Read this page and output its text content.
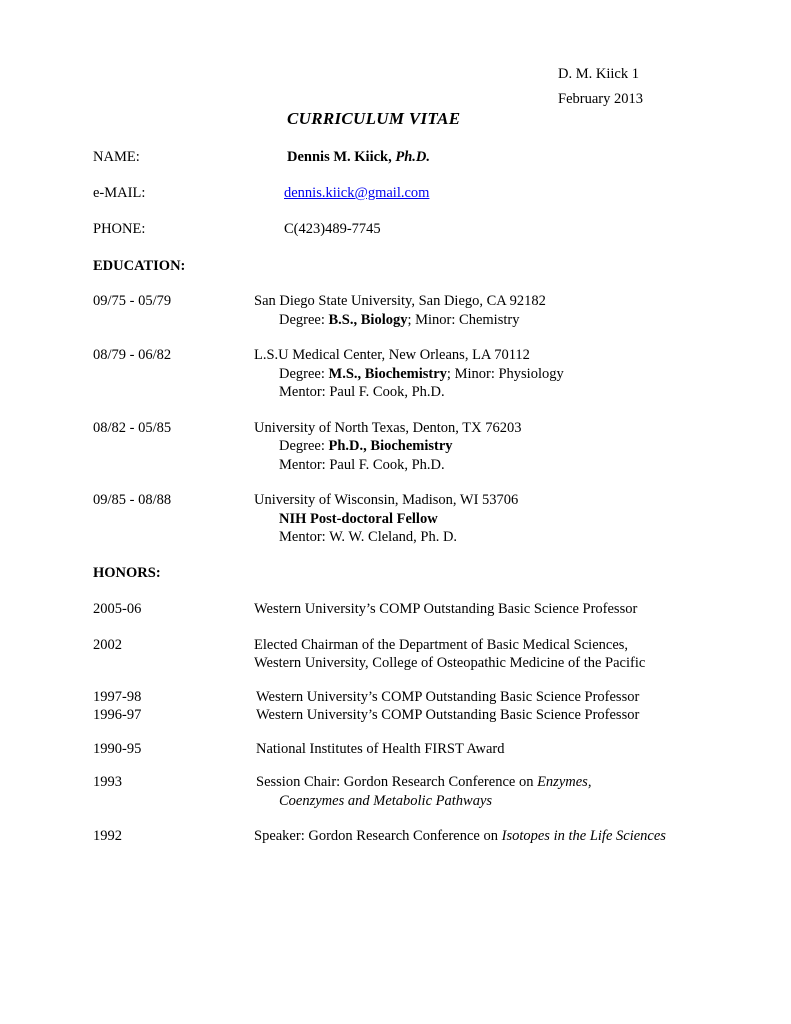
D. M. Kiick 1
February 2013
CURRICULUM VITAE
NAME:	Dennis M. Kiick, Ph.D.
e-MAIL:	dennis.kiick@gmail.com
PHONE:	C(423)489-7745
EDUCATION:
09/75 - 05/79	San Diego State University, San Diego, CA 92182
Degree: B.S., Biology; Minor: Chemistry
08/79 - 06/82	L.S.U Medical Center, New Orleans, LA 70112
Degree: M.S., Biochemistry; Minor: Physiology
Mentor: Paul F. Cook, Ph.D.
08/82 - 05/85	University of North Texas, Denton, TX 76203
Degree: Ph.D., Biochemistry
Mentor: Paul F. Cook, Ph.D.
09/85 - 08/88	University of Wisconsin, Madison, WI 53706
NIH Post-doctoral Fellow
Mentor: W. W. Cleland, Ph. D.
HONORS:
2005-06	Western University’s COMP Outstanding Basic Science Professor
2002	Elected Chairman of the Department of Basic Medical Sciences,
Western University, College of Osteopathic Medicine of the Pacific
1997-98	Western University’s COMP Outstanding Basic Science Professor
1996-97	Western University’s COMP Outstanding Basic Science Professor
1990-95	National Institutes of Health FIRST Award
1993	Session Chair: Gordon Research Conference on Enzymes,
Coenzymes and Metabolic Pathways
1992	Speaker: Gordon Research Conference on Isotopes in the Life Sciences
